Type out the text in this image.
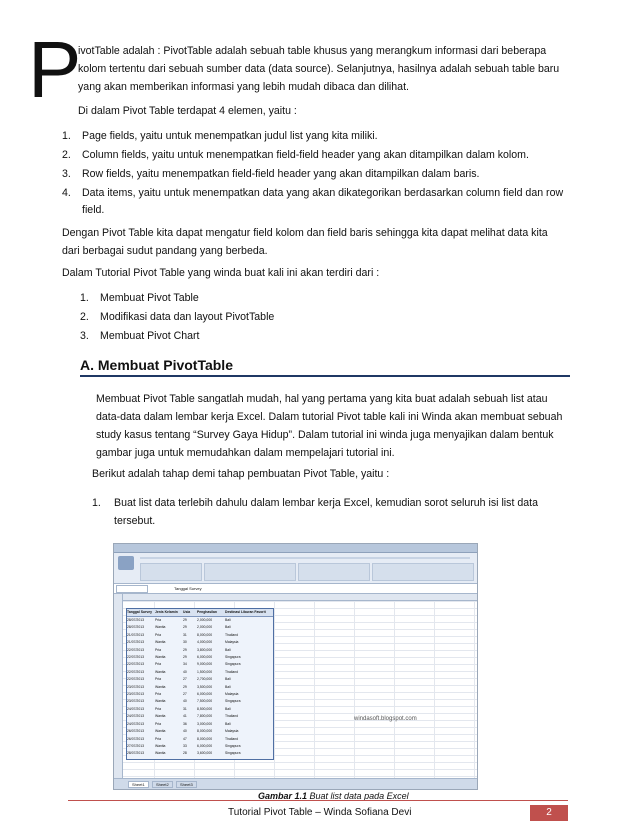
P
ivotTable adalah : PivotTable adalah sebuah table khusus yang merangkum informasi dari beberapa kolom tertentu dari sebuah sumber data (data source). Selanjutnya, hasilnya adalah sebuah table baru yang akan memberikan informasi yang lebih mudah dibaca dan dilihat.
Di dalam Pivot Table terdapat 4 elemen, yaitu :
1. Page fields, yaitu untuk menempatkan judul list yang kita miliki.
2. Column fields, yaitu untuk menempatkan field-field header yang akan ditampilkan dalam kolom.
3. Row fields, yaitu menempatkan field-field header yang akan ditampilkan dalam baris.
4. Data items, yaitu untuk menempatkan data yang akan dikategorikan berdasarkan column field dan row field.
Dengan Pivot Table kita dapat mengatur field kolom dan field baris sehingga kita dapat melihat data kita dari berbagai sudut pandang yang berbeda.
Dalam Tutorial Pivot Table yang winda buat kali ini akan terdiri dari :
1. Membuat Pivot Table
2. Modifikasi data dan layout PivotTable
3. Membuat Pivot Chart
A. Membuat PivotTable
Membuat Pivot Table sangatlah mudah, hal yang pertama yang kita buat adalah sebuah list atau data-data dalam lembar kerja Excel. Dalam tutorial Pivot table kali ini Winda akan membuat sebuah study kasus tentang “Survey Gaya Hidup”. Dalam tutorial ini winda juga menyajikan dalam bentuk gambar juga untuk memudahkan dalam mempelajari tutorial ini.
Berikut adalah tahap demi tahap pembuatan Pivot Table, yaitu :
1. Buat list data terlebih dahulu dalam lembar kerja Excel, kemudian sorot seluruh isi list data tersebut.
Tanggal Survey
Tanggal Survey Jenis Kelamin	Usia	Penghasilan	Destinasi Liburan Favorit
28/07/2013	Pria	29	2,000,000	Bali
28/07/2013	Wanita	29	2,000,000	Bali
21/07/2013	Pria	31	8,000,000	Thailand
21/07/2013	Wanita	30	4,000,000	Malaysia
22/07/2013	Pria	29	3,800,000	Bali
22/07/2013	Wanita	29	6,000,000	Singapura
22/07/2013	Pria	34	9,000,000	Singapura
22/07/2013	Wanita	40	1,500,000	Thailand
22/07/2013	Pria	27	2,700,000	Bali
23/07/2013	Wanita	29	3,500,000	Bali
23/07/2013	Pria	27	6,000,000	Malaysia
23/07/2013	Wanita	40	7,500,000	Singapura
24/07/2013	Pria	31	8,500,000	Bali
24/07/2013	Wanita	41	7,800,000	Thailand
24/07/2013	Pria	36	3,000,000	Bali
26/07/2013	Wanita	40	8,000,000	Malaysia
26/07/2013	Pria	47	8,000,000	Thailand
27/07/2013	Wanita	33	6,000,000	Singapura
28/07/2013	Wanita	28	3,600,000	Singapura
windasoft.blogspot.com
Sheet1	Sheet2	Sheet3
Gambar 1.1 Buat list data pada Excel
Tutorial Pivot Table – Winda Sofiana Devi	2
